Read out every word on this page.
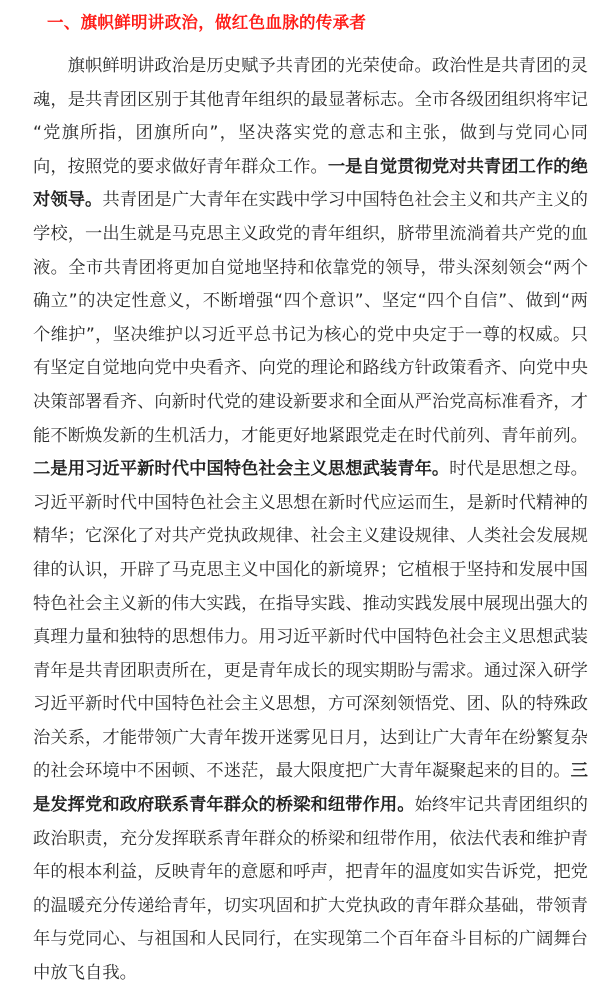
一、旗帜鲜明讲政治，做红色血脉的传承者

旗帜鲜明讲政治是历史赋予共青团的光荣使命。政治性是共青团的灵魂，是共青团区别于其他青年组织的最显著标志。全市各级团组织将牢记“党旗所指，团旗所向”，坚决落实党的意志和主张，做到与党同心同向，按照党的要求做好青年群众工作。一是自觉贯彻党对共青团工作的绝对领导。共青团是广大青年在实践中学习中国特色社会主义和共产主义的学校，一出生就是马克思主义政党的青年组织，脐带里流淌着共产党的血液。全市共青团将更加自觉地坚持和依靠党的领导，带头深刻领会“两个确立”的决定性意义，不断增强“四个意识”、坚定“四个自信”、做到“两个维护”，坚决维护以习近平总书记为核心的党中央定于一尊的权威。只有坚定自觉地向党中央看齐、向党的理论和路线方针政策看齐、向党中央决策部署看齐、向新时代党的建设新要求和全面从严治党高标准看齐，才能不断焕发新的生机活力，才能更好地紧跟党走在时代前列、青年前列。二是用习近平新时代中国特色社会主义思想武装青年。时代是思想之母。习近平新时代中国特色社会主义思想在新时代应运而生，是新时代精神的精华；它深化了对共产党执政规律、社会主义建设规律、人类社会发展规律的认识，开辟了马克思主义中国化的新境界；它植根于坚持和发展中国特色社会主义新的伟大实践，在指导实践、推动实践发展中展现出强大的真理力量和独特的思想伟力。用习近平新时代中国特色社会主义思想武装青年是共青团职责所在，更是青年成长的现实期盼与需求。通过深入研学习近平新时代中国特色社会主义思想，方可深刻领悟党、团、队的特殊政治关系，才能带领广大青年拨开迷雾见日月，达到让广大青年在纷繁复杂的社会环境中不困顿、不迷茫，最大限度把广大青年凝聚起来的目的。三是发挥党和政府联系青年群众的桥梁和纽带作用。始终牢记共青团组织的政治职责，充分发挥联系青年群众的桥梁和纽带作用，依法代表和维护青年的根本利益，反映青年的意愿和呼声，把青年的温度如实告诉党，把党的温暖充分传递给青年，切实巩固和扩大党执政的青年群众基础，带领青年与党同心、与祖国和人民同行，在实现第二个百年奋斗目标的广阔舞台中放飞自我。
